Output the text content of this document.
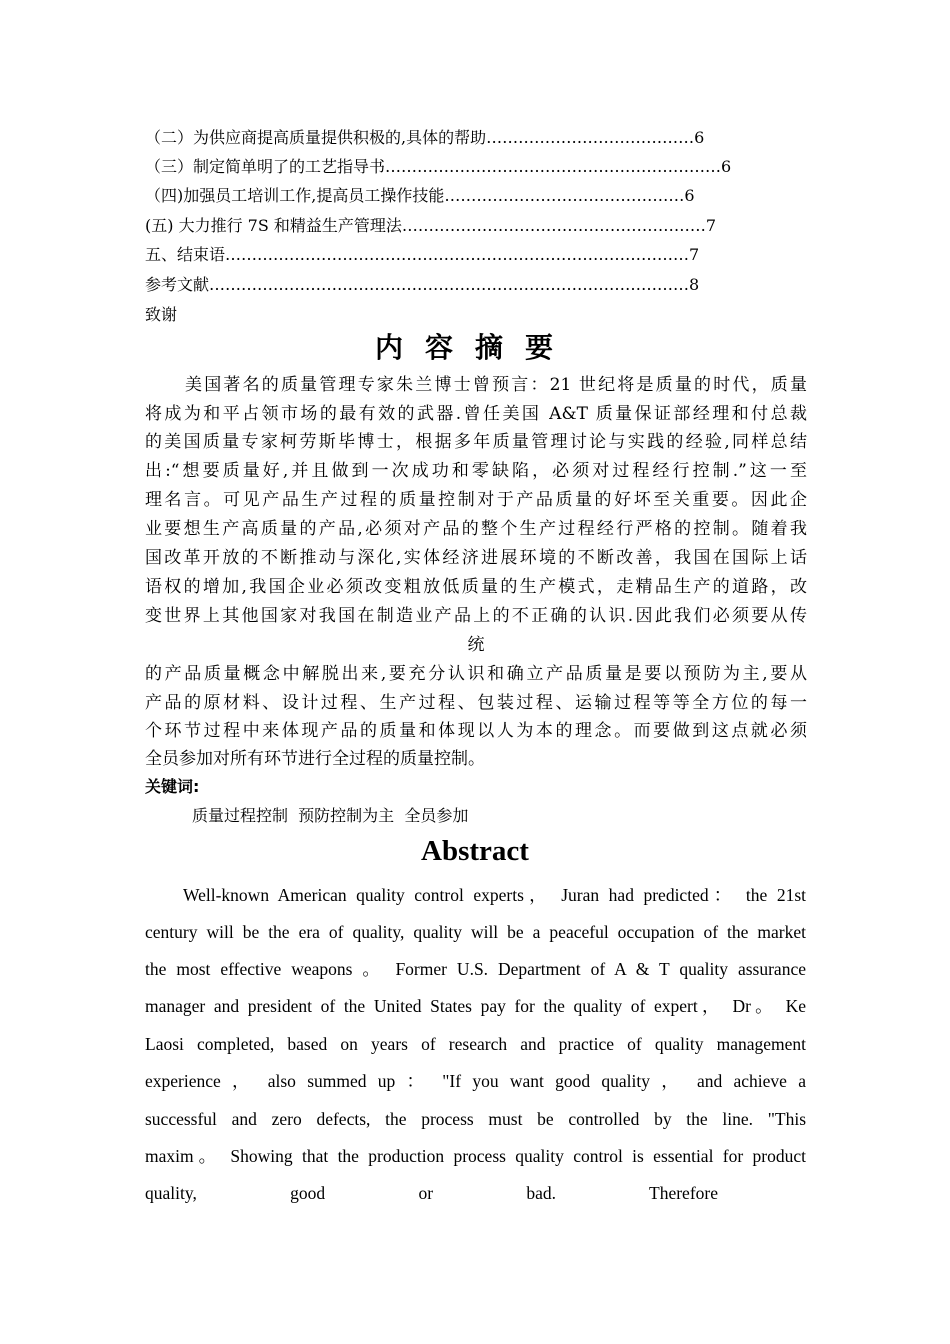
（二）为供应商提高质量提供积极的,具体的帮助…………………………………6
（三）制定简单明了的工艺指导书………………………………………………………6
（四)加强员工培训工作,提高员工操作技能………………………………………6
(五) 大力推行 7S 和精益生产管理法…………………………………………………7
五、结束语……………………………………………………………………………7
参考文献………………………………………………………………………………8
致谢
内容摘要
美国著名的质量管理专家朱兰博士曾预言：21 世纪将是质量的时代，质量
将成为和平占领市场的最有效的武器.曾任美国 A&T 质量保证部经理和付总裁
的美国质量专家柯劳斯毕博士，根据多年质量管理讨论与实践的经验,同样总结
出:“想要质量好,并且做到一次成功和零缺陷，必须对过程经行控制.”这一至
理名言。可见产品生产过程的质量控制对于产品质量的好坏至关重要。因此企
业要想生产高质量的产品,必须对产品的整个生产过程经行严格的控制。随着我
国改革开放的不断推动与深化,实体经济进展环境的不断改善，我国在国际上话
语权的增加,我国企业必须改变粗放低质量的生产模式，走精品生产的道路，改
变世界上其他国家对我国在制造业产品上的不正确的认识.因此我们必须要从传
统
的产品质量概念中解脱出来,要充分认识和确立产品质量是要以预防为主,要从
产品的原材料、设计过程、生产过程、包装过程、运输过程等等全方位的每一
个环节过程中来体现产品的质量和体现以人为本的理念。而要做到这点就必须
全员参加对所有环节进行全过程的质量控制。
关键词:
质量过程控制  预防控制为主  全员参加
Abstract
Well-known American quality control experts， Juran had predicted： the 21st
century will be the era of quality, quality will be a peaceful occupation of the market
the most effective weapons 。 Former U.S. Department of A & T quality assurance
manager and president of the United States pay for the quality of expert， Dr。 Ke
Laosi completed, based on years of research and practice of quality management
experience ， also summed up ： "If you want good quality ， and achieve a
successful and zero defects, the process must be controlled by the line. "This
maxim。 Showing that the production process quality control is essential for product
quality, good or bad. Therefore
